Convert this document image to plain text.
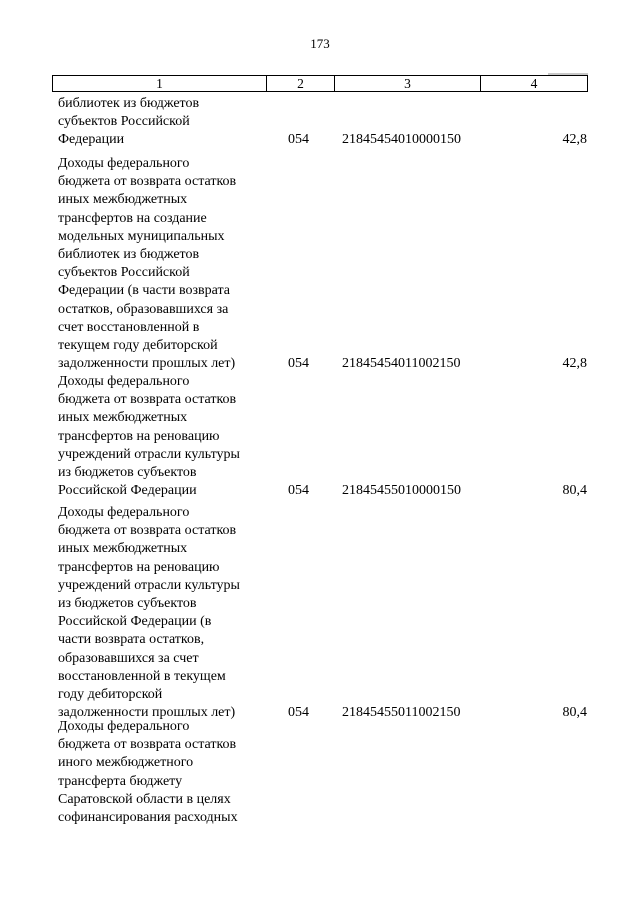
173
1	2	3	4
библиотек из бюджетов
субъектов Российской
Федерации	054	21845454010000150	42,8
Доходы федерального
бюджета от возврата остатков
иных межбюджетных
трансфертов на создание
модельных муниципальных
библиотек из бюджетов
субъектов Российской
Федерации (в части возврата
остатков, образовавшихся за
счет восстановленной в
текущем году дебиторской
задолженности прошлых лет)	054	21845454011002150	42,8
Доходы федерального
бюджета от возврата остатков
иных межбюджетных
трансфертов на реновацию
учреждений отрасли культуры
из бюджетов субъектов
Российской Федерации	054	21845455010000150	80,4
Доходы федерального
бюджета от возврата остатков
иных межбюджетных
трансфертов на реновацию
учреждений отрасли культуры
из бюджетов субъектов
Российской Федерации (в
части возврата остатков,
образовавшихся за счет
восстановленной в текущем
году дебиторской
задолженности прошлых лет)	054	21845455011002150	80,4
Доходы федерального
бюджета от возврата остатков
иного межбюджетного
трансферта бюджету
Саратовской области в целях
софинансирования расходных
